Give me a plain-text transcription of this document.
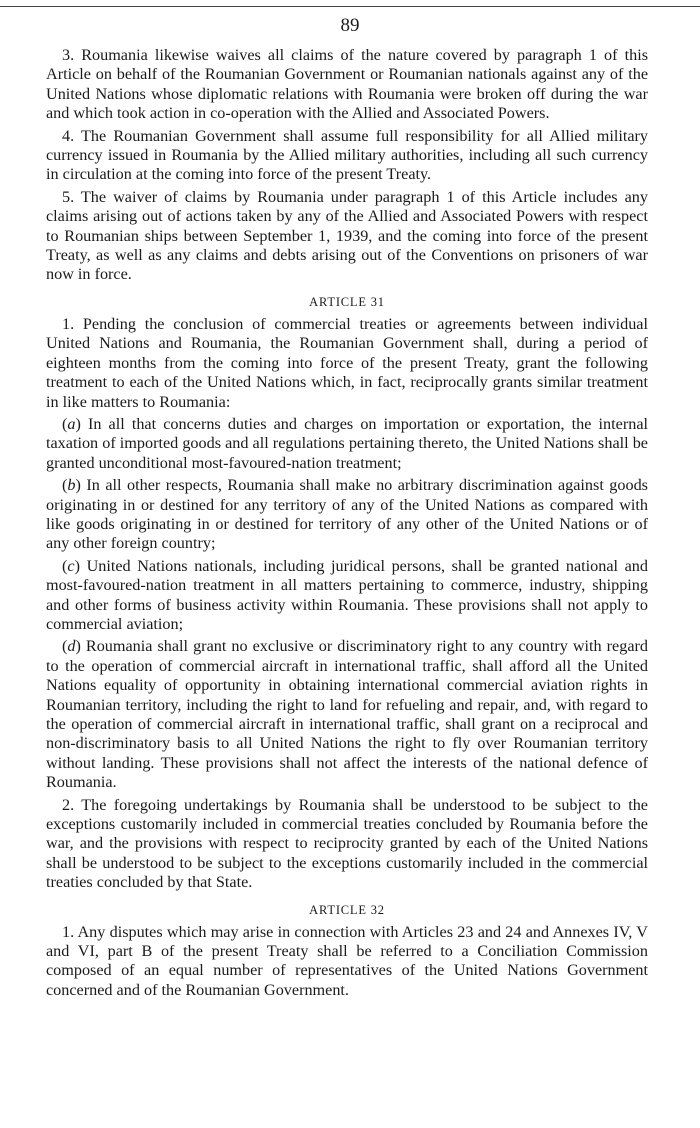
89

3. Roumania likewise waives all claims of the nature covered by paragraph 1 of this Article on behalf of the Roumanian Government or Roumanian nationals against any of the United Nations whose diplomatic relations with Roumania were broken off during the war and which took action in co-operation with the Allied and Associated Powers.

4. The Roumanian Government shall assume full responsibility for all Allied military currency issued in Roumania by the Allied military authorities, including all such currency in circulation at the coming into force of the present Treaty.

5. The waiver of claims by Roumania under paragraph 1 of this Article includes any claims arising out of actions taken by any of the Allied and Associated Powers with respect to Roumanian ships between September 1, 1939, and the coming into force of the present Treaty, as well as any claims and debts arising out of the Conventions on prisoners of war now in force.

ARTICLE 31

1. Pending the conclusion of commercial treaties or agreements between individual United Nations and Roumania, the Roumanian Government shall, during a period of eighteen months from the coming into force of the present Treaty, grant the following treatment to each of the United Nations which, in fact, reciprocally grants similar treatment in like matters to Roumania:

(a) In all that concerns duties and charges on importation or exportation, the internal taxation of imported goods and all regulations pertaining thereto, the United Nations shall be granted unconditional most-favoured-nation treatment;

(b) In all other respects, Roumania shall make no arbitrary discrimination against goods originating in or destined for any territory of any of the United Nations as compared with like goods originating in or destined for territory of any other of the United Nations or of any other foreign country;

(c) United Nations nationals, including juridical persons, shall be granted national and most-favoured-nation treatment in all matters pertaining to commerce, industry, shipping and other forms of business activity within Roumania. These provisions shall not apply to commercial aviation;

(d) Roumania shall grant no exclusive or discriminatory right to any country with regard to the operation of commercial aircraft in international traffic, shall afford all the United Nations equality of opportunity in obtaining international commercial aviation rights in Roumanian territory, including the right to land for refueling and repair, and, with regard to the operation of commercial aircraft in international traffic, shall grant on a reciprocal and non-discriminatory basis to all United Nations the right to fly over Roumanian territory without landing. These provisions shall not affect the interests of the national defence of Roumania.

2. The foregoing undertakings by Roumania shall be understood to be subject to the exceptions customarily included in commercial treaties concluded by Roumania before the war, and the provisions with respect to reciprocity granted by each of the United Nations shall be understood to be subject to the exceptions customarily included in the commercial treaties concluded by that State.

ARTICLE 32

1. Any disputes which may arise in connection with Articles 23 and 24 and Annexes IV, V and VI, part B of the present Treaty shall be referred to a Conciliation Commission composed of an equal number of representatives of the United Nations Government concerned and of the Roumanian Government.
